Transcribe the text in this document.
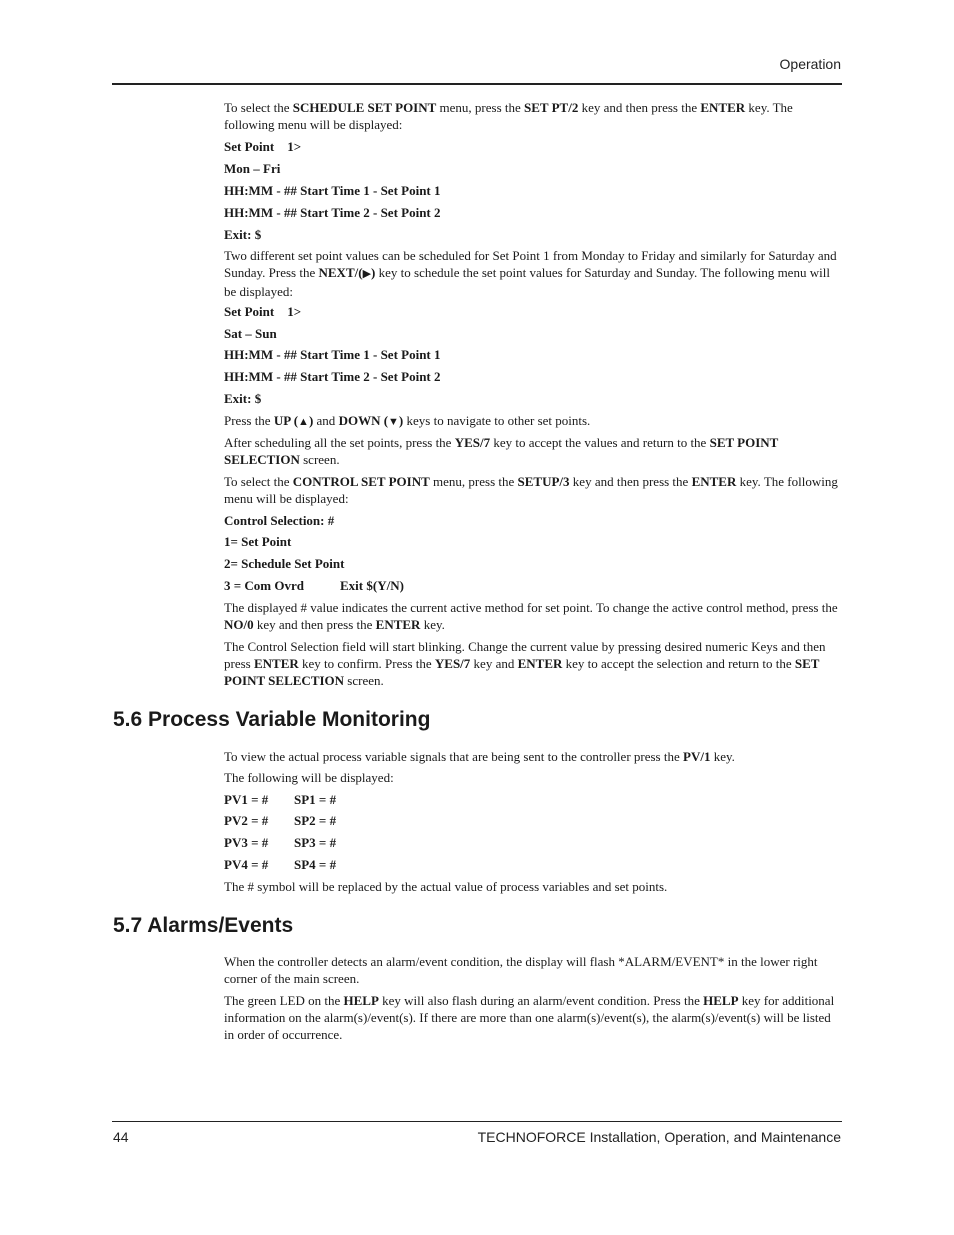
Operation

To select the SCHEDULE SET POINT menu, press the SET PT/2 key and then press the ENTER key. The following menu will be displayed:

Set Point    1>

Mon – Fri

HH:MM - ## Start Time 1 - Set Point 1

HH:MM - ## Start Time 2 - Set Point 2

Exit: $

Two different set point values can be scheduled for Set Point 1 from Monday to Friday and similarly for Saturday and Sunday. Press the NEXT/(▶) key to schedule the set point values for Saturday and Sunday. The following menu will be displayed:

Set Point    1>

Sat – Sun

HH:MM - ## Start Time 1 - Set Point 1

HH:MM - ## Start Time 2 - Set Point 2

Exit: $

Press the UP (▲) and DOWN (▼) keys to navigate to other set points.

After scheduling all the set points, press the YES/7 key to accept the values and return to the SET POINT SELECTION screen.

To select the CONTROL SET POINT menu, press the SETUP/3 key and then press the ENTER key. The following menu will be displayed:

Control Selection: #

1= Set Point

2= Schedule Set Point

3 = Com Ovrd	Exit $(Y/N)

The displayed # value indicates the current active method for set point. To change the active control method, press the NO/0 key and then press the ENTER key.

The Control Selection field will start blinking. Change the current value by pressing desired numeric Keys and then press ENTER key to confirm. Press the YES/7 key and ENTER key to accept the selection and return to the SET POINT SELECTION screen.

5.6 Process Variable Monitoring

To view the actual process variable signals that are being sent to the controller press the PV/1 key.

The following will be displayed:

PV1 = # SP1 = #

PV2 = # SP2 = #

PV3 = # SP3 = #

PV4 = # SP4 = #

The # symbol will be replaced by the actual value of process variables and set points.

5.7 Alarms/Events

When the controller detects an alarm/event condition, the display will flash *ALARM/EVENT* in the lower right corner of the main screen.

The green LED on the HELP key will also flash during an alarm/event condition. Press the HELP key for additional information on the alarm(s)/event(s). If there are more than one alarm(s)/event(s), the alarm(s)/event(s) will be listed in order of occurrence.

44	TECHNOFORCE Installation, Operation, and Maintenance
